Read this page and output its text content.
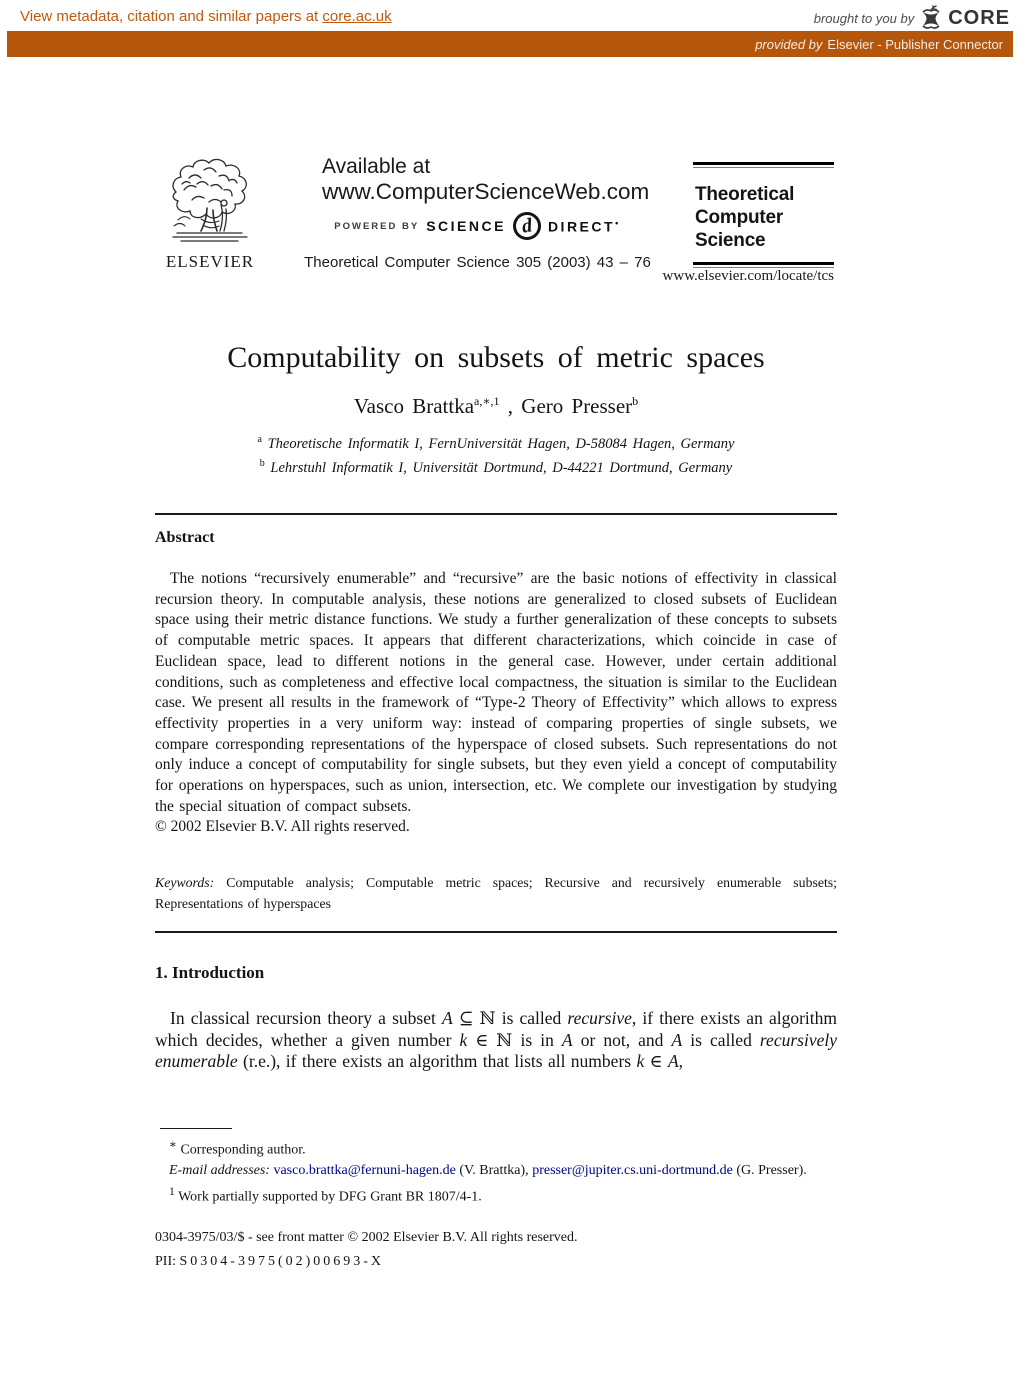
View metadata, citation and similar papers at core.ac.uk	brought to you by CORE
provided by Elsevier - Publisher Connector
ELSEVIER
Available at
www.ComputerScienceWeb.com
POWERED BY SCIENCE d	DIRECT•
Theoretical Computer Science 305 (2003) 43 – 76
Theoretical
Computer Science
www.elsevier.com/locate/tcs
Computability on subsets of metric spaces
Vasco Brattka$^{a,∗,1}$ , Gero Presser$^b$
$^a$ Theoretische Informatik I, FernUniversität Hagen, D-58084 Hagen, Germany
$^b$ Lehrstuhl Informatik I, Universität Dortmund, D-44221 Dortmund, Germany
Abstract

The notions “recursively enumerable” and “recursive” are the basic notions of effectivity in classical recursion theory. In computable analysis, these notions are generalized to closed subsets of Euclidean space using their metric distance functions. We study a further generalization of these concepts to subsets of computable metric spaces. It appears that different characterizations, which coincide in case of Euclidean space, lead to different notions in the general case. However, under certain additional conditions, such as completeness and effective local compactness, the situation is similar to the Euclidean case. We present all results in the framework of “Type-2 Theory of Effectivity” which allows to express effectivity properties in a very uniform way: instead of comparing properties of single subsets, we compare corresponding representations of the hyperspace of closed subsets. Such representations do not only induce a concept of computability for single subsets, but they even yield a concept of computability for operations on hyperspaces, such as union, intersection, etc. We complete our investigation by studying the special situation of compact subsets.

© 2002 Elsevier B.V. All rights reserved.
Keywords: Computable analysis; Computable metric spaces; Recursive and recursively enumerable subsets; Representations of hyperspaces
1. Introduction

In classical recursion theory a subset A ⊆ ℕ is called recursive, if there exists an algorithm which decides, whether a given number k ∈ ℕ is in A or not, and A is called recursively enumerable (r.e.), if there exists an algorithm that lists all numbers k ∈ A,

∗ Corresponding author.
E-mail addresses: vasco.brattka@fernuni-hagen.de (V. Brattka), presser@jupiter.cs.uni-dortmund.de (G. Presser).
$^1$ Work partially supported by DFG Grant BR 1807/4-1.
0304-3975/03/$ - see front matter © 2002 Elsevier B.V. All rights reserved.
PII: S0304-3975(02)00693-X
